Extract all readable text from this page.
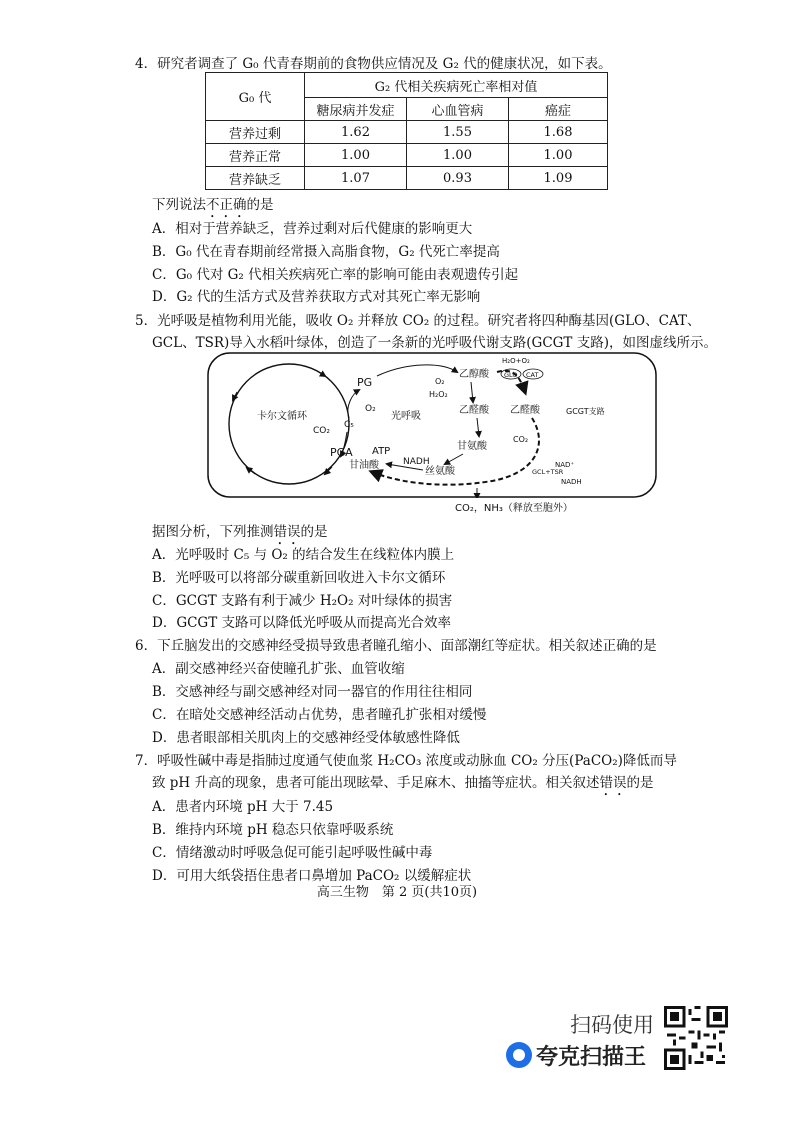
4．研究者调查了 G₀ 代青春期前的食物供应情况及 G₂ 代的健康状况，如下表。
G₀ 代	G₂ 代相关疾病死亡率相对值		
	糖尿病并发症	心血管病	癌症
营养过剩	1.62	1.55	1.68
营养正常	1.00	1.00	1.00
营养缺乏	1.07	0.93	1.09
下列说法不正确的是
A．相对于营养缺乏，营养过剩对后代健康的影响更大
B．G₀ 代在青春期前经常摄入高脂食物，G₂ 代死亡率提高
C．G₀ 代对 G₂ 代相关疾病死亡率的影响可能由表观遗传引起
D．G₂ 代的生活方式及营养获取方式对其死亡率无影响
5．光呼吸是植物利用光能，吸收 O₂ 并释放 CO₂ 的过程。研究者将四种酶基因(GLO、CAT、
GCL、TSR)导入水稻叶绿体，创造了一条新的光呼吸代谢支路(GCGT 支路)，如图虚线所示。
卡尔文循环	光呼吸	GCGT支路
PG
O₂
C₅
CO₂
PGA ATP
NADH
甘油酸
乙醇酸
O₂
H₂O₂
乙醛酸
甘氨酸
丝氨酸
乙醛酸
CO₂
GCL+TSR
NAD⁺
NADH
H₂O+O₂
GLO CAT
CO₂，NH₃（释放至胞外）
据图分析，下列推测错误的是
A．光呼吸时 C₅ 与 O₂ 的结合发生在线粒体内膜上
B．光呼吸可以将部分碳重新回收进入卡尔文循环
C．GCGT 支路有利于减少 H₂O₂ 对叶绿体的损害
D．GCGT 支路可以降低光呼吸从而提高光合效率
6．下丘脑发出的交感神经受损导致患者瞳孔缩小、面部潮红等症状。相关叙述正确的是
A．副交感神经兴奋使瞳孔扩张、血管收缩
B．交感神经与副交感神经对同一器官的作用往往相同
C．在暗处交感神经活动占优势，患者瞳孔扩张相对缓慢
D．患者眼部相关肌肉上的交感神经受体敏感性降低
7．呼吸性碱中毒是指肺过度通气使血浆 H₂CO₃ 浓度或动脉血 CO₂ 分压(PaCO₂)降低而导
致 pH 升高的现象，患者可能出现眩晕、手足麻木、抽搐等症状。相关叙述错误的是
A．患者内环境 pH 大于 7.45
B．维持内环境 pH 稳态只依靠呼吸系统
C．情绪激动时呼吸急促可能引起呼吸性碱中毒
D．可用大纸袋捂住患者口鼻增加 PaCO₂ 以缓解症状
高三生物　第 2 页(共10页)
扫码使用
夸克扫描王
